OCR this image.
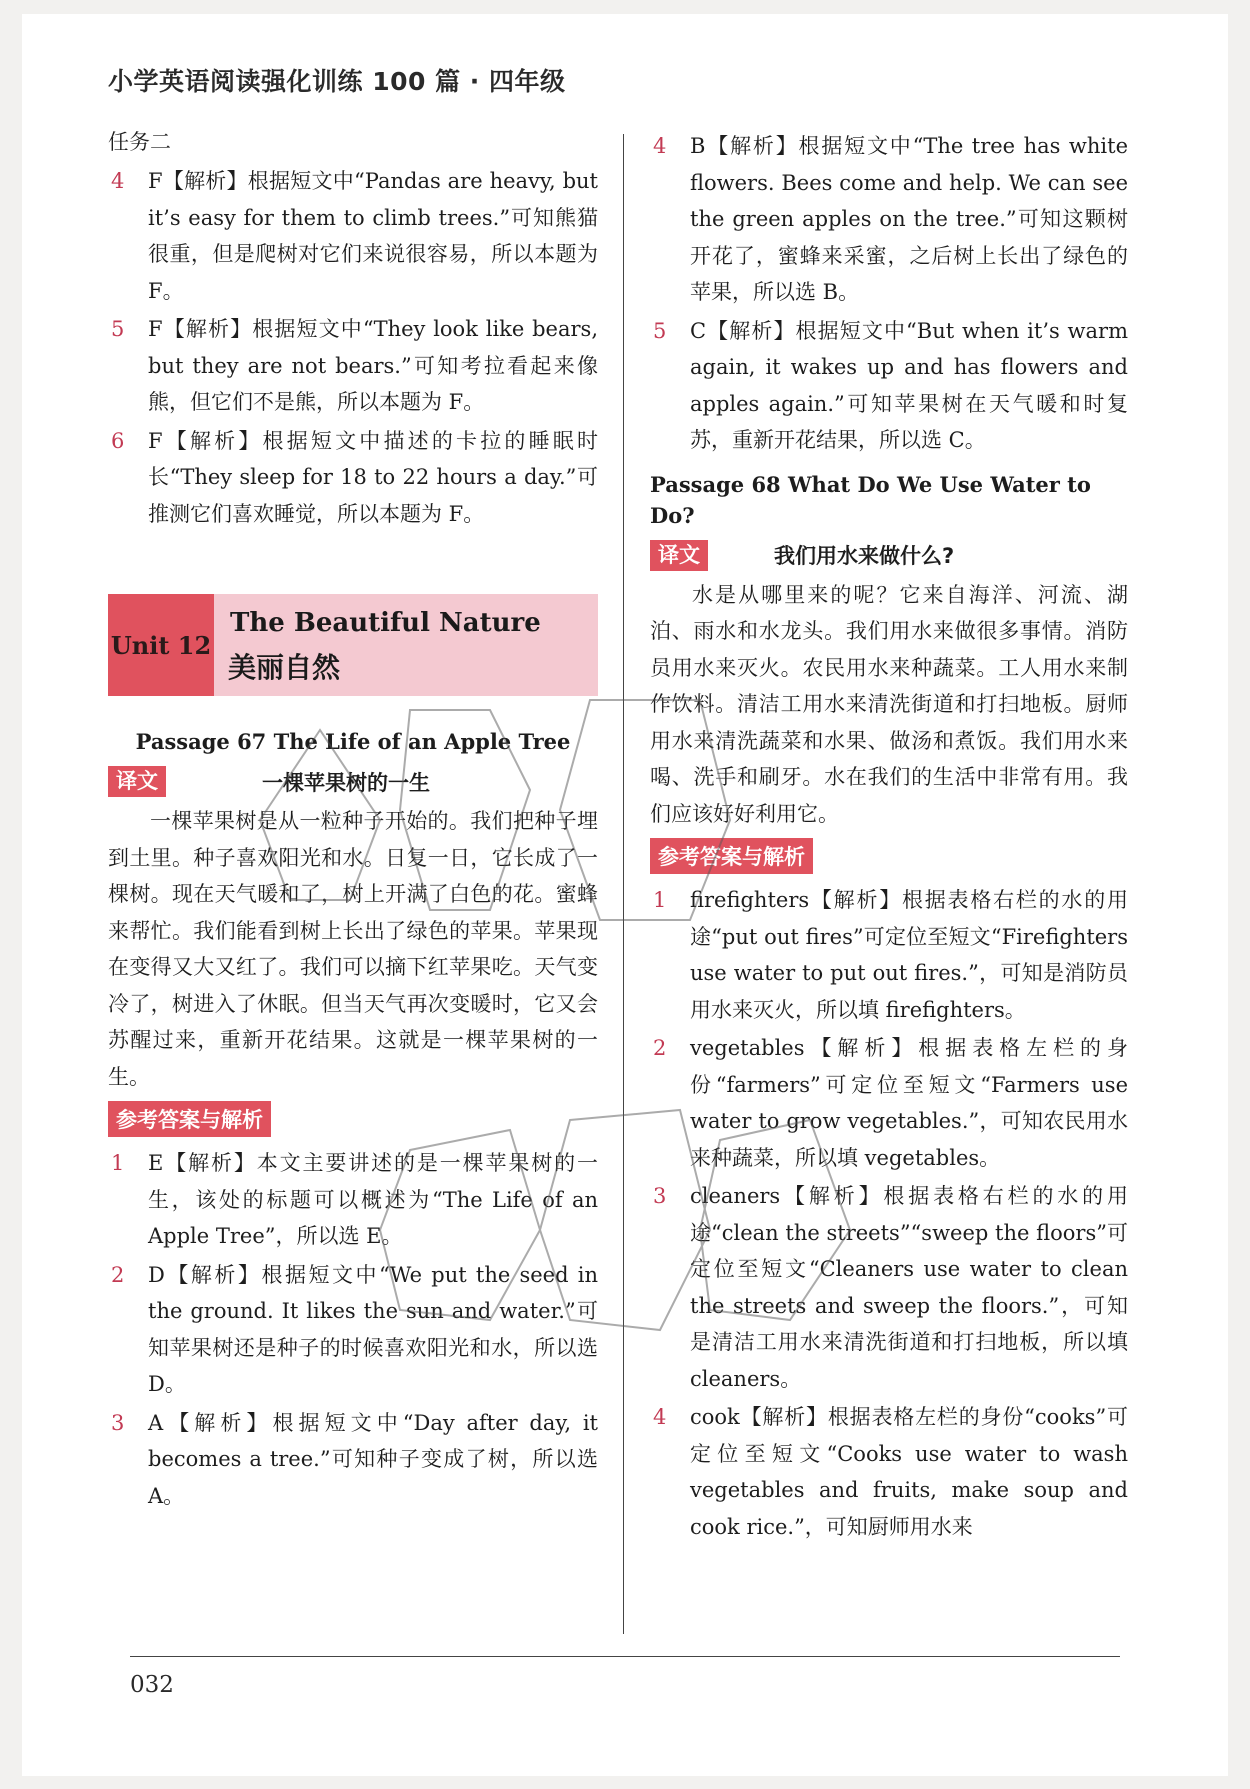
小学英语阅读强化训练 100 篇 · 四年级
任务二
4 F【解析】根据短文中“Pandas are heavy, but it’s easy for them to climb trees.”可知熊猫很重，但是爬树对它们来说很容易，所以本题为 F。
5 F【解析】根据短文中“They look like bears, but they are not bears.”可知考拉看起来像熊，但它们不是熊，所以本题为 F。
6 F【解析】根据短文中描述的卡拉的睡眠时长“They sleep for 18 to 22 hours a day.”可推测它们喜欢睡觉，所以本题为 F。
Unit 12
The Beautiful Nature
美丽自然
Passage 67 The Life of an Apple Tree
译文	一棵苹果树的一生
一棵苹果树是从一粒种子开始的。我们把种子埋到土里。种子喜欢阳光和水。日复一日，它长成了一棵树。现在天气暖和了，树上开满了白色的花。蜜蜂来帮忙。我们能看到树上长出了绿色的苹果。苹果现在变得又大又红了。我们可以摘下红苹果吃。天气变冷了，树进入了休眠。但当天气再次变暖时，它又会苏醒过来，重新开花结果。这就是一棵苹果树的一生。
参考答案与解析
1 E【解析】本文主要讲述的是一棵苹果树的一生，该处的标题可以概述为“The Life of an Apple Tree”，所以选 E。
2 D【解析】根据短文中“We put the seed in the ground. It likes the sun and water.”可知苹果树还是种子的时候喜欢阳光和水，所以选 D。
3 A【解析】根据短文中“Day after day, it becomes a tree.”可知种子变成了树，所以选 A。
4 B【解析】根据短文中“The tree has white flowers. Bees come and help. We can see the green apples on the tree.”可知这颗树开花了，蜜蜂来采蜜，之后树上长出了绿色的苹果，所以选 B。
5 C【解析】根据短文中“But when it’s warm again, it wakes up and has flowers and apples again.”可知苹果树在天气暖和时复苏，重新开花结果，所以选 C。
Passage 68 What Do We Use Water to Do?
译文	我们用水来做什么?
水是从哪里来的呢？它来自海洋、河流、湖泊、雨水和水龙头。我们用水来做很多事情。消防员用水来灭火。农民用水来种蔬菜。工人用水来制作饮料。清洁工用水来清洗街道和打扫地板。厨师用水来清洗蔬菜和水果、做汤和煮饭。我们用水来喝、洗手和刷牙。水在我们的生活中非常有用。我们应该好好利用它。
参考答案与解析
1 firefighters【解析】根据表格右栏的水的用途“put out fires”可定位至短文“Firefighters use water to put out fires.”，可知是消防员用水来灭火，所以填 firefighters。
2 vegetables【解析】根据表格左栏的身份“farmers”可定位至短文“Farmers use water to grow vegetables.”，可知农民用水来种蔬菜，所以填 vegetables。
3 cleaners【解析】根据表格右栏的水的用途“clean the streets”“sweep the floors”可定位至短文“Cleaners use water to clean the streets and sweep the floors.”，可知是清洁工用水来清洗街道和打扫地板，所以填 cleaners。
4 cook【解析】根据表格左栏的身份“cooks”可定位至短文“Cooks use water to wash vegetables and fruits, make soup and cook rice.”，可知厨师用水来
032
